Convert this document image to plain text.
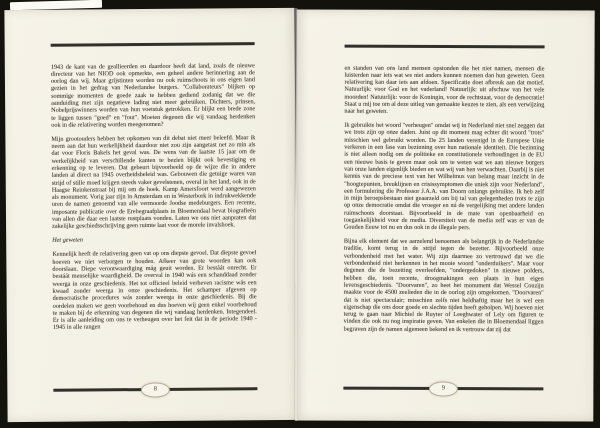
1943 de kant van de geallieerden en daardoor heeft dat land, zoals de nieuwe directeur van het NIOD ook opmerkte, een geheel andere herinnering aan de oorlog dan wij. Maar grijstinten worden nu ook ruimschoots in ons eigen land gezien in het gedrag van Nederlandse burgers. "Collaborateurs" blijken op sommige momenten de goede zaak te hebben gediend zodanig dat we die aanduiding met zijn negatieve lading niet meer gebruiken. Dichters, prinsen, Nobelprijswinners worden van hun voetstuk getrokken. Er blijkt een brede zone te liggen tussen "goed" en "fout". Moeten degenen die wij vandaag herdenken ook in die relativering worden meegenomen?

Mijn grootouders hebben het opkomen van dit debat niet meer beleefd. Maar ik neem aan dat hun werkelijkheid daardoor niet zou zijn aangetast net zo min als dat voor Floris Bakels het geval was. De wens van de laatste 15 jaar om de werkelijkheid van verschillende kanten te bezien blijkt ook bevestiging en erkenning op te leveren. Dat gebeurt bijvoorbeeld op de wijze die in andere landen al direct na 1945 overheidsbeleid was. Gebouwen die getuige waren van strijd of stille moed krijgen steeds vaker gevelstenen, overal in het land, ook in de Haagse Reinkenstraat bij mij om de hoek. Kamp Amersfoort werd aangewezen als monument. Vorig jaar zijn in Amsterdam en in Westerbork in indrukwekkende uren de namen genoemd van alle vermoorde Joodse medeburgers. Een recente, imposante publicatie over de Erebegraafplaats in Bloemendaal bevat biografieën van allen die daar een laatste rustplaats vonden. Laten we ons niet aanpraten dat zakelijke geschiedsschrijving geen ruimte laat voor de morele invalshoek.

Het geweten

Kennelijk heeft de relativering geen vat op ons diepste gevoel. Dat diepste gevoel hoeven we niet verborgen te houden. Afkeer van grote woorden kan ook doorslaan. Diepe verontwaardiging mág geuit worden. Er bestáát onrecht. Er bestáát menselijke waardigheid. De overval in 1940 wás een schanddaad zonder weerga in onze geschiedenis. Het tot officieel beleid verheven racisme wás een kwaad zonder weerga in onze geschiedenis. Het schamper afgeven op democratische procedures wás zonder weerga in onze geschiedenis. Bij die oordelen maken we geen voorbehoud en dus hoeven wij geen enkel voorbehoud te maken bij de erkenning van degenen die wij vandaag herdenken. Integendeel. Er is alle aanleiding om ons te verheugen over het feit dat in de periode 1940 - 1945 in alle rangen

8

en standen van ons land mensen opstonden die het niet namen, mensen die luisterden naar iets wat we niet anders kunnen noemen dan hun geweten. Geen relativering kan daar iets aan afdoen. Specificatie doet afbreuk aan dat motief. Natuurlijk: voor God en het vaderland! Natuurlijk: uit afschuw van het vele moorden! Natuurlijk: voor de Koningin, voor de rechtstaat, voor de democratie! Staat u mij toe om al deze uitleg van gemaakte keuzes te zien, als een verwijzing naar het geweten.

Ik gebruikte het woord "verheugen" omdat wij in Nederland niet snel zeggen dat we trots zijn op onze daden. Juist op dit moment mag echter dit woord "trots" misschien wel gebruikt worden. De 25 landen verenigd in de Europese Unie verkeren in een fase van bezinning over hun nationale identiteit. Die bezinning is niet alleen nodig om de politieke en constitutionele verhoudingen in de EU een nieuwe basis te geven maar ook om te weten wat we aan nieuwe burgers van onze landen eigenlijk bieden en wat wij van hen verwachten. Daarbij is niet kennis van de preciese text van het Wilhelmus van belang maar inzicht in de "hoogtepunten, breuklijnen en crisissymptomen die uniek zijn voor Nederland", een formulering die Professor J.A.A. van Doorn onlangs gebruikte. Ik heb zelf in mijn beroepsbestaan niet geaarzeld om bij tal van gelegenheden trots te zijn op onze democratie omdat die vroeger en nú de vergelijking met andere landen ruimschoots doorstaat. Bijvoorbeeld in de mate van openbaarheid en toegankelijkheid voor de media. Diversiteit van de media zelf was er van de Gouden Eeuw tot nu en dus ook in de illegale pers.

Bijna elk element dat we aarzelend benoemen als belangrijk in de Nederlandse traditie, komt terug in de strijd tegen de bezetter. Bijvoorbeeld onze verbondenheid met het water. Wij zijn daarmee zo vertrouwd dat we die verbondenheid niet herkennen in het mooie woord "onderduikers". Maar voor degenen die de bezetting overleefden, "ondergedoken" in nieuwe polders, hebben die, toen recente, droogmakingen een plaats in hun eigen levensgeschiedenis. "Doorvaren", zo heet het monument dat Wessel Couzijn maakte voor de 4500 zeelieden die in de oorlog zijn omgekomen. "Doorvaren" dat is niet spectaculair; misschien zelfs niet heldhaftig maar het is wel een eigenschap die ons door goede en slechte tijden heeft geholpen. Wij hoeven niet terug te gaan naar Michiel de Ruyter of Leeghwater of Lely om figuren te vinden die ook nu nog inspiratie geven. Van enkelen die in Bloemendaal liggen begraven zijn de namen algemeen bekend en ik vertrouw dat zij dat

9
